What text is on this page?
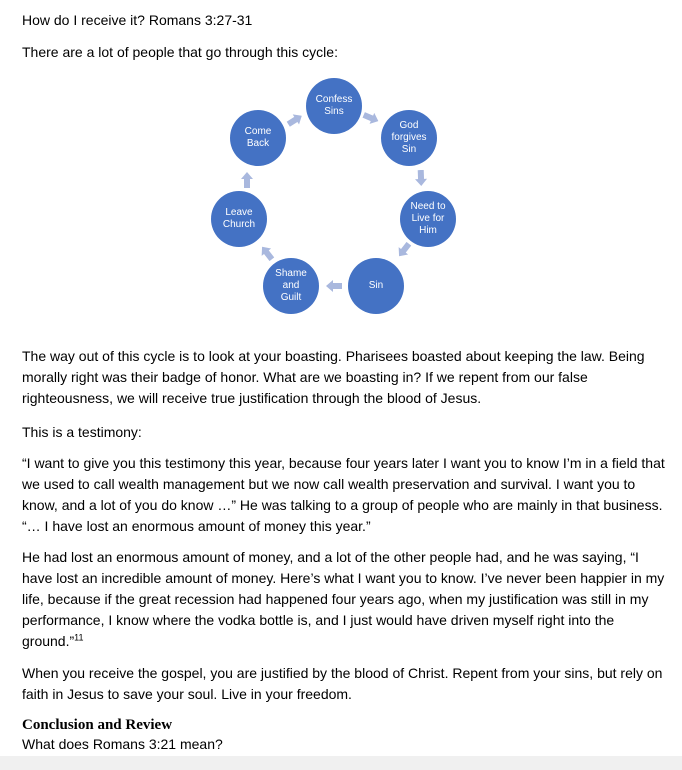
How do I receive it? Romans 3:27-31
There are a lot of people that go through this cycle:
Confess
Sins
God
forgives
Sin
Need to
Live for
Him
Sin
Shame
and
Guilt
Leave
Church
Come
Back
The way out of this cycle is to look at your boasting. Pharisees boasted about keeping the law. Being morally right was their badge of honor. What are we boasting in? If we repent from our false righteousness, we will receive true justification through the blood of Jesus.
This is a testimony:
“I want to give you this testimony this year, because four years later I want you to know I’m in a field that we used to call wealth management but we now call wealth preservation and survival. I want you to know, and a lot of you do know …” He was talking to a group of people who are mainly in that business. “… I have lost an enormous amount of money this year.”
He had lost an enormous amount of money, and a lot of the other people had, and he was saying, “I have lost an incredible amount of money. Here’s what I want you to know. I’ve never been happier in my life, because if the great recession had happened four years ago, when my justification was still in my performance, I know where the vodka bottle is, and I just would have driven myself right into the ground.”$^{11}$
When you receive the gospel, you are justified by the blood of Christ. Repent from your sins, but rely on faith in Jesus to save your soul. Live in your freedom.
Conclusion and Review
What does Romans 3:21 mean?
